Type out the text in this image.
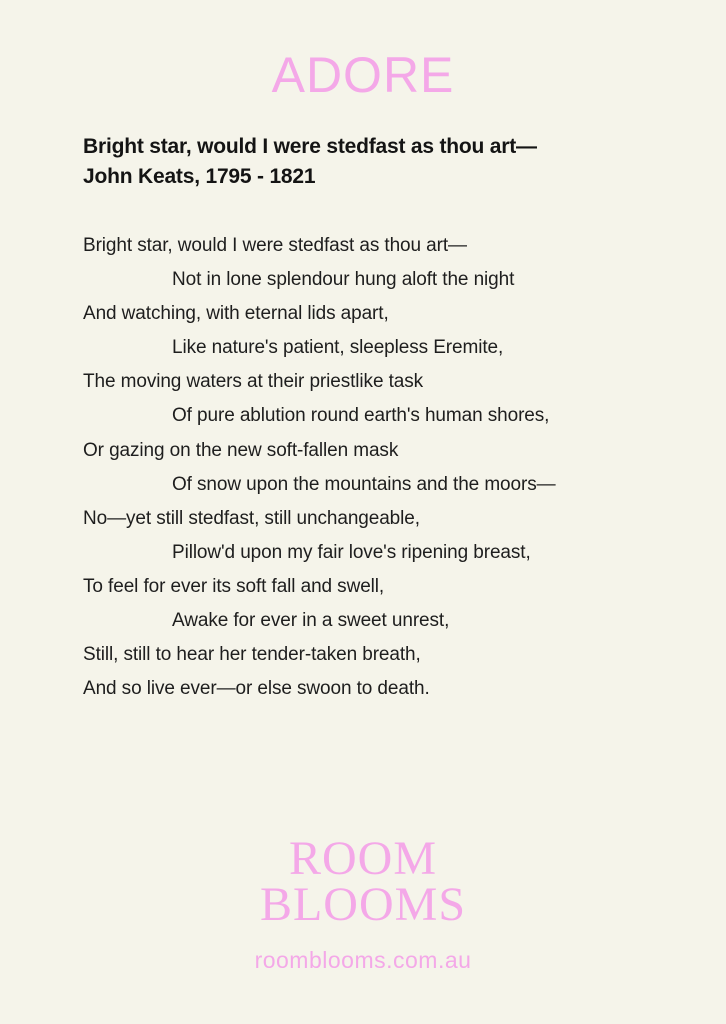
ADORE
Bright star, would I were stedfast as thou art—
John Keats, 1795 - 1821
Bright star, would I were stedfast as thou art—
Not in lone splendour hung aloft the night
And watching, with eternal lids apart,
Like nature's patient, sleepless Eremite,
The moving waters at their priestlike task
Of pure ablution round earth's human shores,
Or gazing on the new soft-fallen mask
Of snow upon the mountains and the moors—
No—yet still stedfast, still unchangeable,
Pillow'd upon my fair love's ripening breast,
To feel for ever its soft fall and swell,
Awake for ever in a sweet unrest,
Still, still to hear her tender-taken breath,
And so live ever—or else swoon to death.
ROOM
BLOOMS
roomblooms.com.au
